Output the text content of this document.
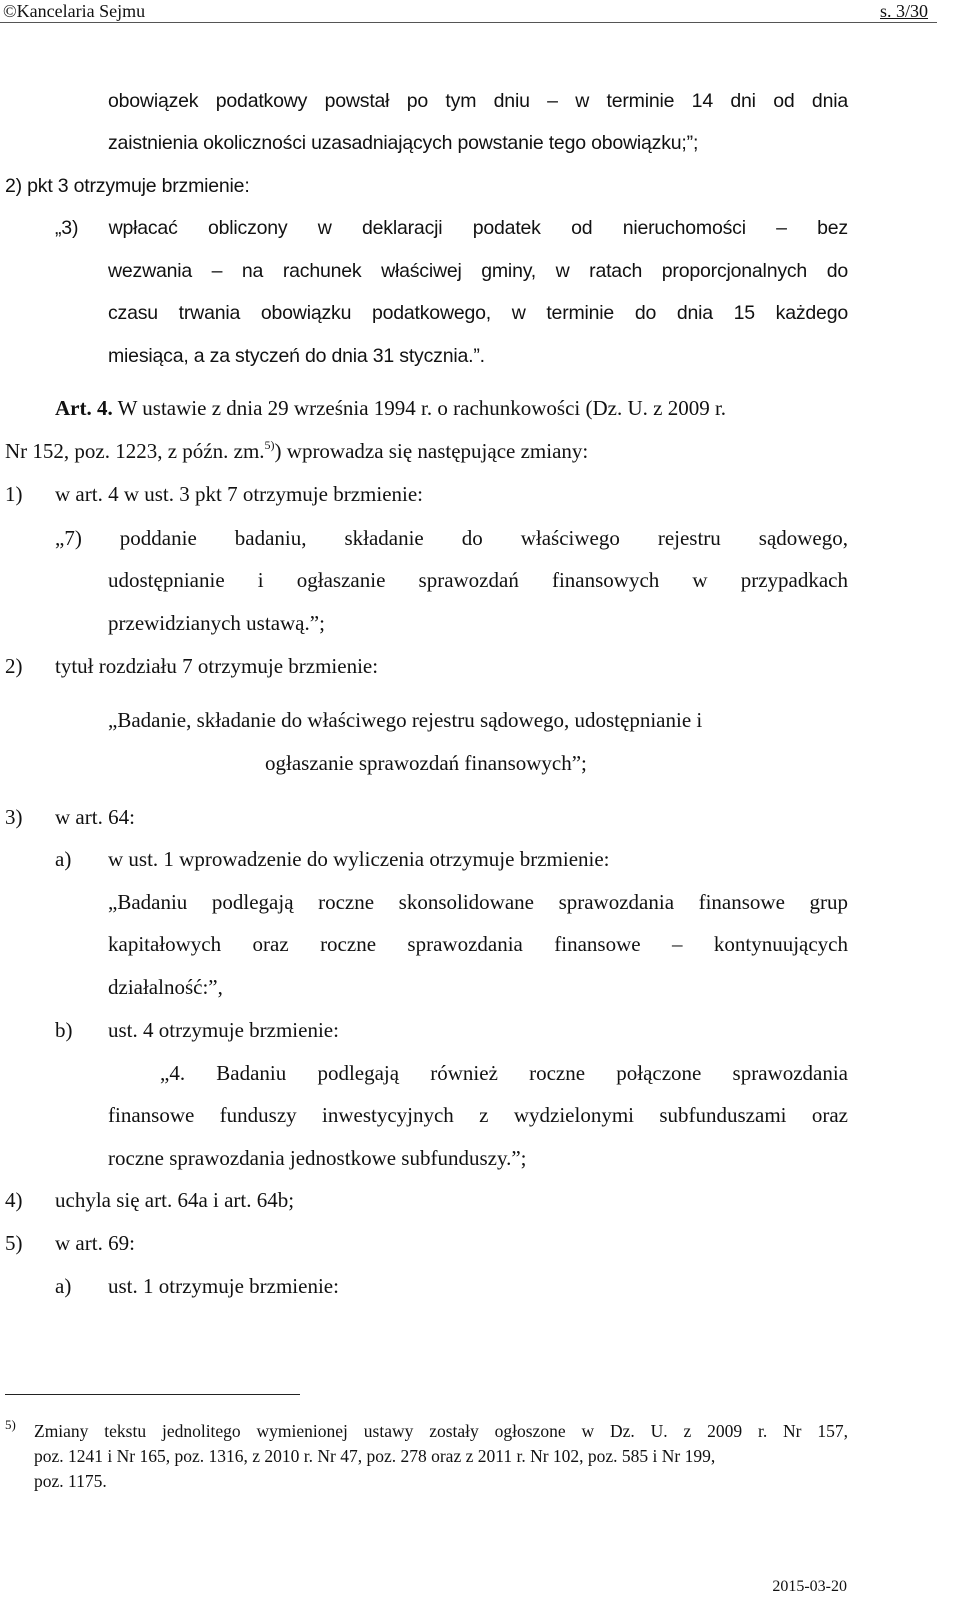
©Kancelaria Sejmu	s. 3/30
obowiązek podatkowy powstał po tym dniu – w terminie 14 dni od dnia
zaistnienia okoliczności uzasadniających powstanie tego obowiązku;”;
2) pkt 3 otrzymuje brzmienie:
„3) wpłacać obliczony w deklaracji podatek od nieruchomości – bez
wezwania – na rachunek właściwej gminy, w ratach proporcjonalnych do
czasu trwania obowiązku podatkowego, w terminie do dnia 15 każdego
miesiąca, a za styczeń do dnia 31 stycznia.”.
Art. 4. W ustawie z dnia 29 września 1994 r. o rachunkowości (Dz. U. z 2009 r.
Nr 152, poz. 1223, z późn. zm.$^{5)}$) wprowadza się następujące zmiany:
1) w art. 4 w ust. 3 pkt 7 otrzymuje brzmienie:
„7) poddanie badaniu, składanie do właściwego rejestru sądowego,
udostępnianie i ogłaszanie sprawozdań finansowych w przypadkach
przewidzianych ustawą.”;
2) tytuł rozdziału 7 otrzymuje brzmienie:
„Badanie, składanie do właściwego rejestru sądowego, udostępnianie i
ogłaszanie sprawozdań finansowych”;
3) w art. 64:
a) w ust. 1 wprowadzenie do wyliczenia otrzymuje brzmienie:
„Badaniu podlegają roczne skonsolidowane sprawozdania finansowe grup
kapitałowych oraz roczne sprawozdania finansowe – kontynuujących
działalność:”,
b) ust. 4 otrzymuje brzmienie:
„4. Badaniu podlegają również roczne połączone sprawozdania
finansowe funduszy inwestycyjnych z wydzielonymi subfunduszami oraz
roczne sprawozdania jednostkowe subfunduszy.”;
4) uchyla się art. 64a i art. 64b;
5) w art. 69:
a) ust. 1 otrzymuje brzmienie:
5) Zmiany tekstu jednolitego wymienionej ustawy zostały ogłoszone w Dz. U. z 2009 r. Nr 157,
poz. 1241 i Nr 165, poz. 1316, z 2010 r. Nr 47, poz. 278 oraz z 2011 r. Nr 102, poz. 585 i Nr 199,
poz. 1175.
2015-03-20
